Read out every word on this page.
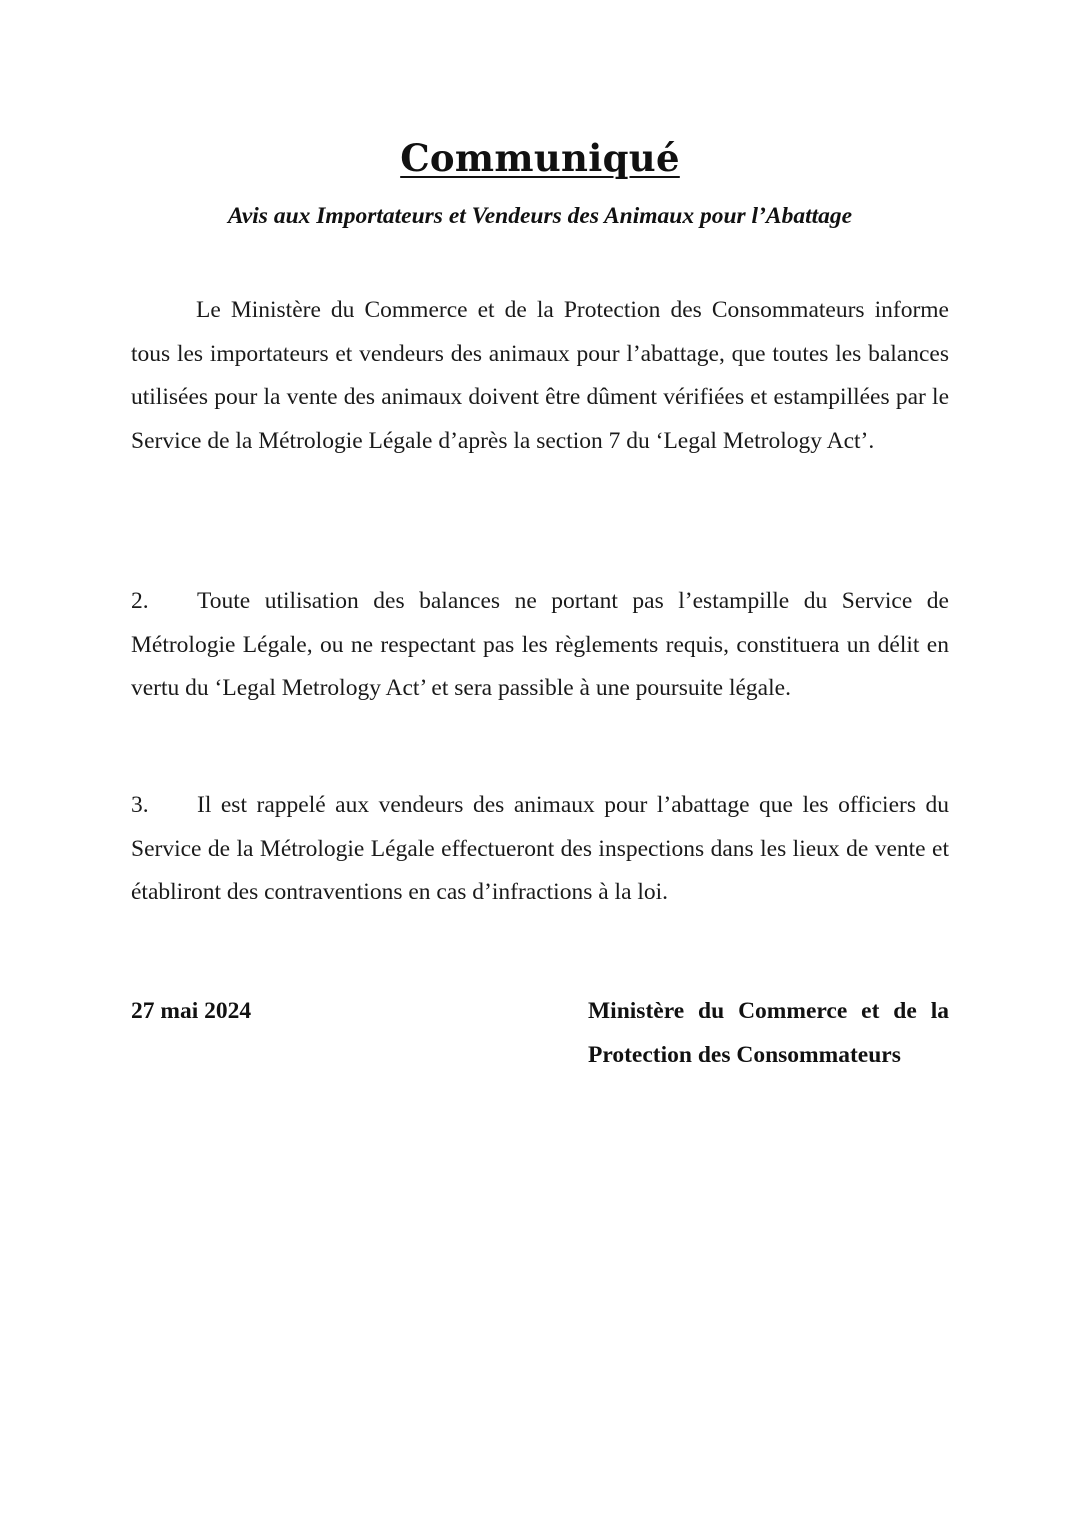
Communiqué
Avis aux Importateurs et Vendeurs des Animaux pour l’Abattage
Le Ministère du Commerce et de la Protection des Consommateurs informe tous les importateurs et vendeurs des animaux pour l’abattage, que toutes les balances utilisées pour la vente des animaux doivent être dûment vérifiées et estampillées par le Service de la Métrologie Légale d’après la section 7 du ‘Legal Metrology Act’.
2. Toute utilisation des balances ne portant pas l’estampille du Service de Métrologie Légale, ou ne respectant pas les règlements requis, constituera un délit en vertu du ‘Legal Metrology Act’ et sera passible à une poursuite légale.
3. Il est rappelé aux vendeurs des animaux pour l’abattage que les officiers du Service de la Métrologie Légale effectueront des inspections dans les lieux de vente et établiront des contraventions en cas d’infractions à la loi.
27 mai 2024	Ministère du Commerce et de la
Protection des Consommateurs
